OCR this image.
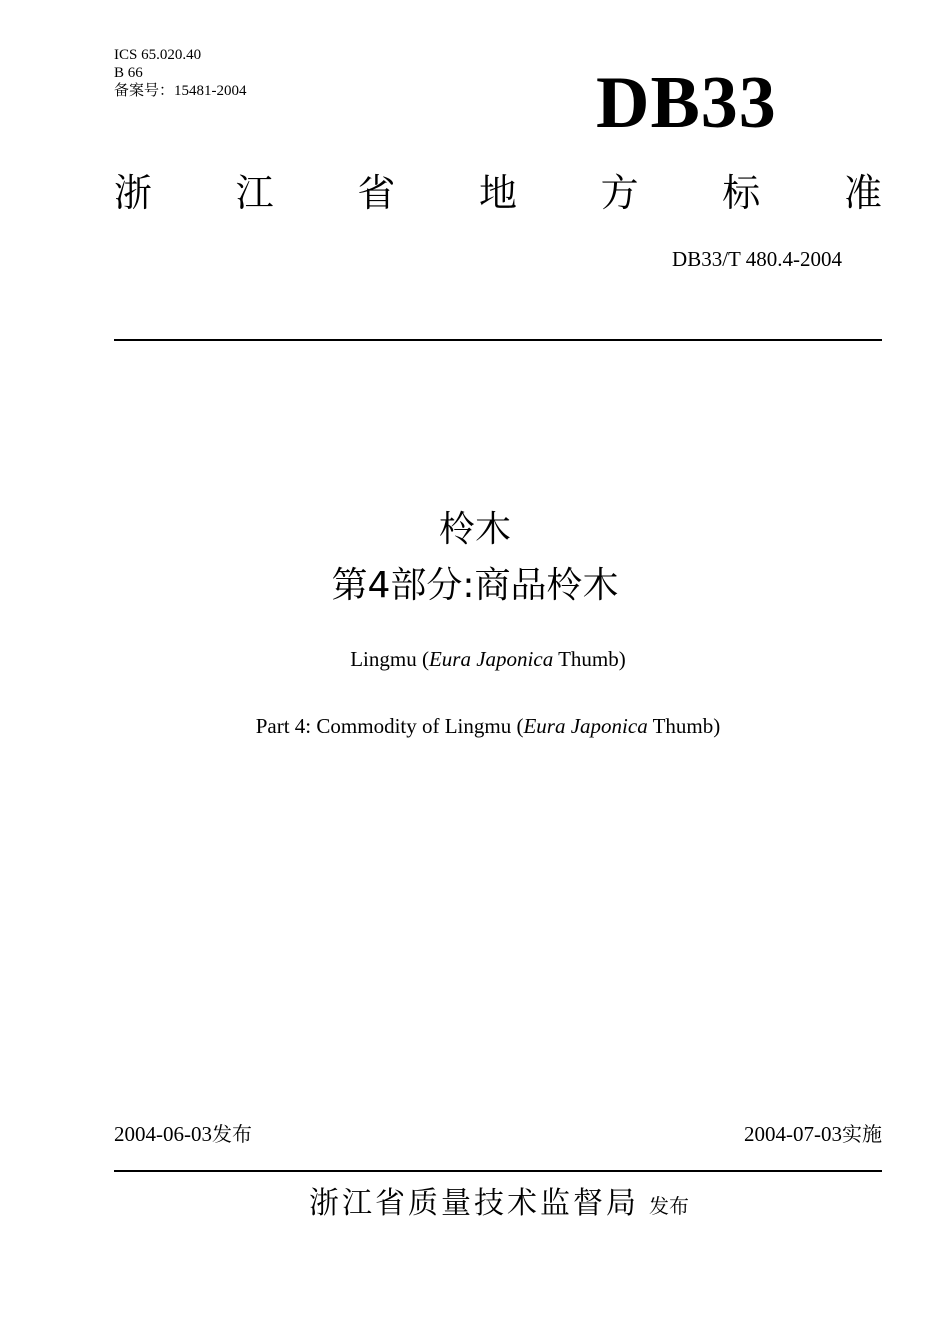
ICS 65.020.40
B 66
备案号：15481-2004	DB33
浙 江 省 地 方 标 准
DB33/T 480.4-2004
柃木
第4部分:商品柃木
Lingmu (Eura Japonica Thumb)
Part 4: Commodity of Lingmu (Eura Japonica Thumb)
2004-06-03发布	2004-07-03实施
浙江省质量技术监督局 发布
